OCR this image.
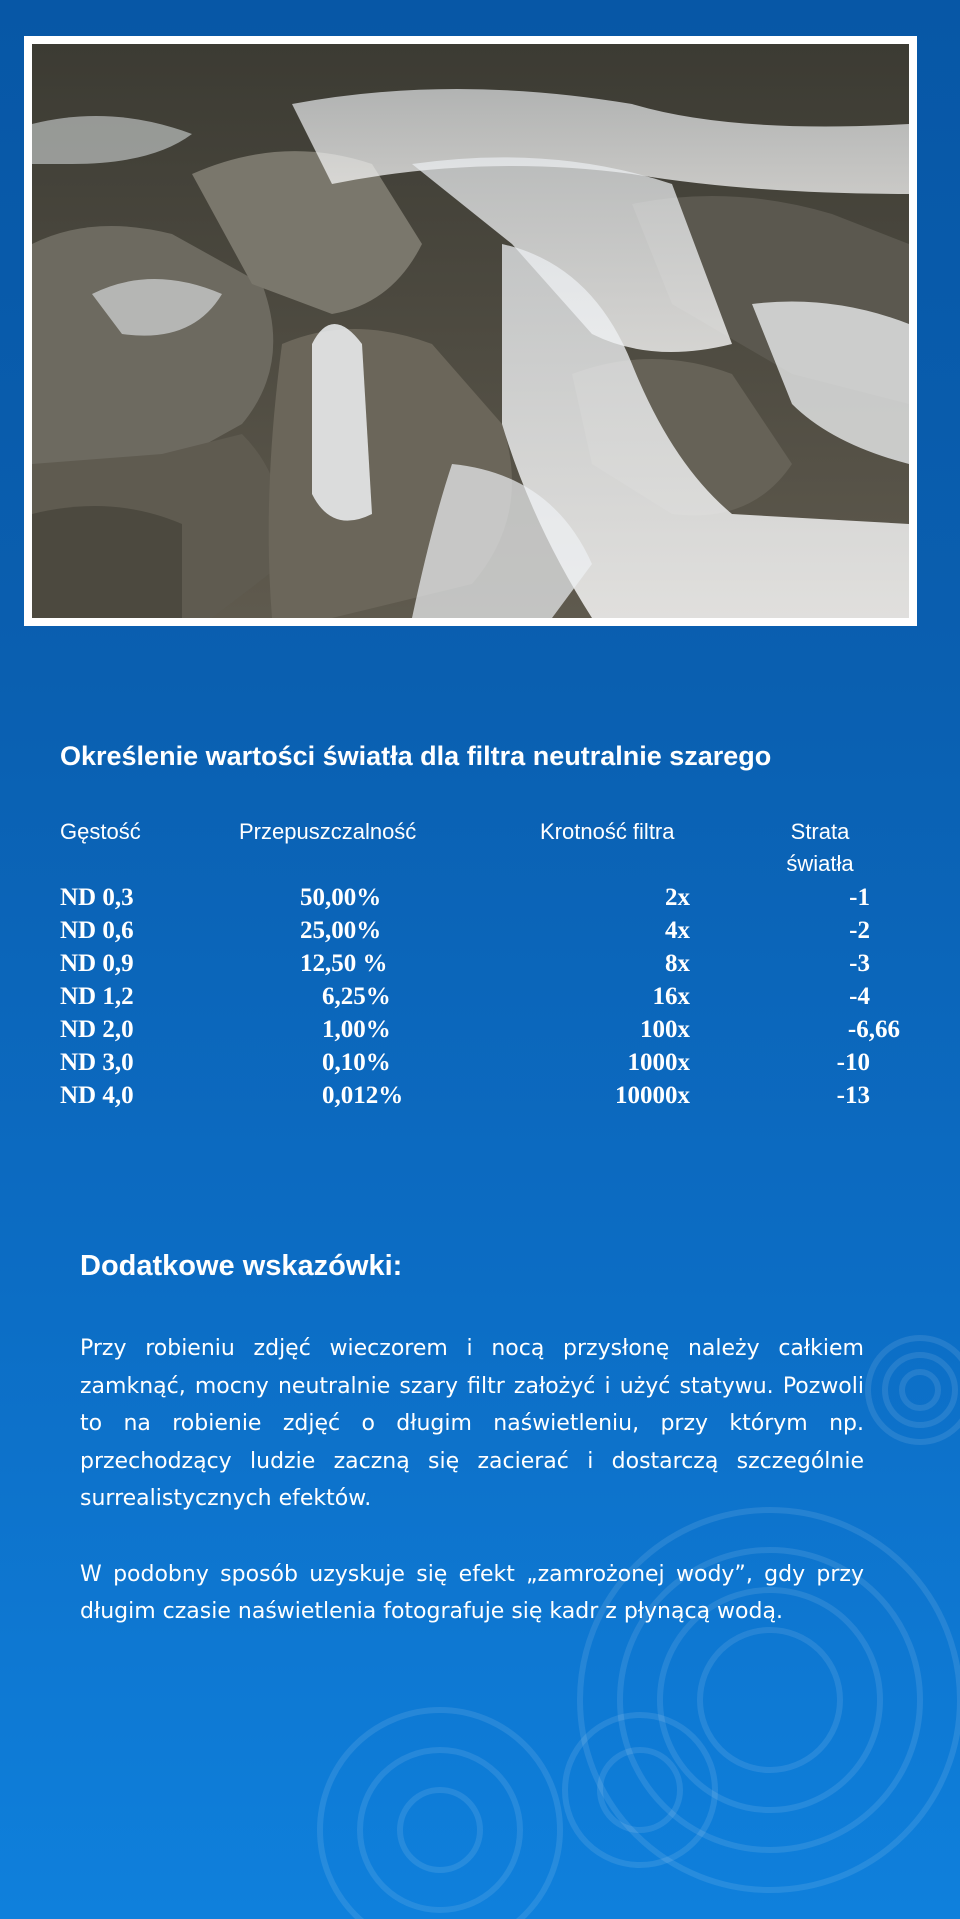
Określenie wartości światła dla filtra neutralnie szarego
Gęstość	Przepuszczalność	Krotność filtra	Strata
światła
ND 0,3	50,00%	2x	-1
ND 0,6	25,00%	4x	-2
ND 0,9	12,50 %	8x	-3
ND 1,2	6,25%	16x	-4
ND 2,0	1,00%	100x	-6,66
ND 3,0	0,10%	1000x	-10
ND 4,0	0,012%	10000x	-13
Dodatkowe wskazówki:

Przy robieniu zdjęć wieczorem i nocą przysłonę należy całkiem zamknąć, mocny neutralnie szary filtr założyć i użyć statywu. Pozwoli to na robienie zdjęć o długim naświetleniu, przy którym np. przechodzący ludzie zaczną się zacierać i dostarczą szczególnie surrealistycznych efektów.

W podobny sposób uzyskuje się efekt „zamrożonej wody”, gdy przy długim czasie naświetlenia fotografuje się kadr z płynącą wodą.
